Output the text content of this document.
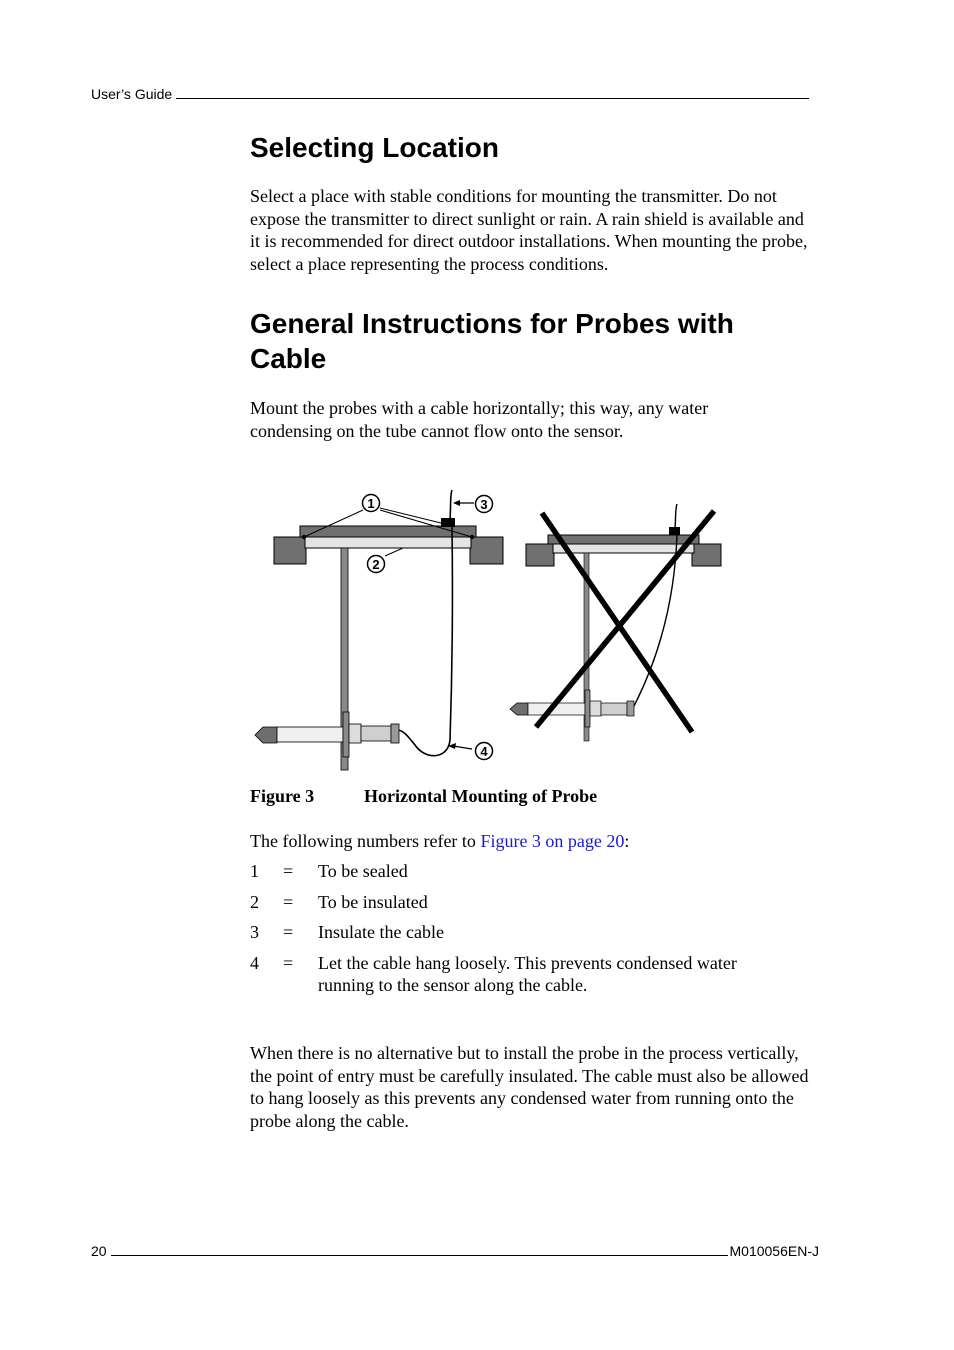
User’s Guide
Selecting Location

Select a place with stable conditions for mounting the transmitter. Do not expose the transmitter to direct sunlight or rain. A rain shield is available and it is recommended for direct outdoor installations. When mounting the probe, select a place representing the process conditions.

General Instructions for Probes with
Cable

Mount the probes with a cable horizontally; this way, any water condensing on the tube cannot flow onto the sensor.

1
2
3
4
Figure 3	Horizontal Mounting of Probe

The following numbers refer to Figure 3 on page 20:

1	=	To be sealed
2	=	To be insulated
3	=	Insulate the cable
4	=	Let the cable hang loosely. This prevents condensed water running to the sensor along the cable.

When there is no alternative but to install the probe in the process vertically, the point of entry must be carefully insulated. The cable must also be allowed to hang loosely as this prevents any condensed water from running onto the probe along the cable.

20	M010056EN-J
